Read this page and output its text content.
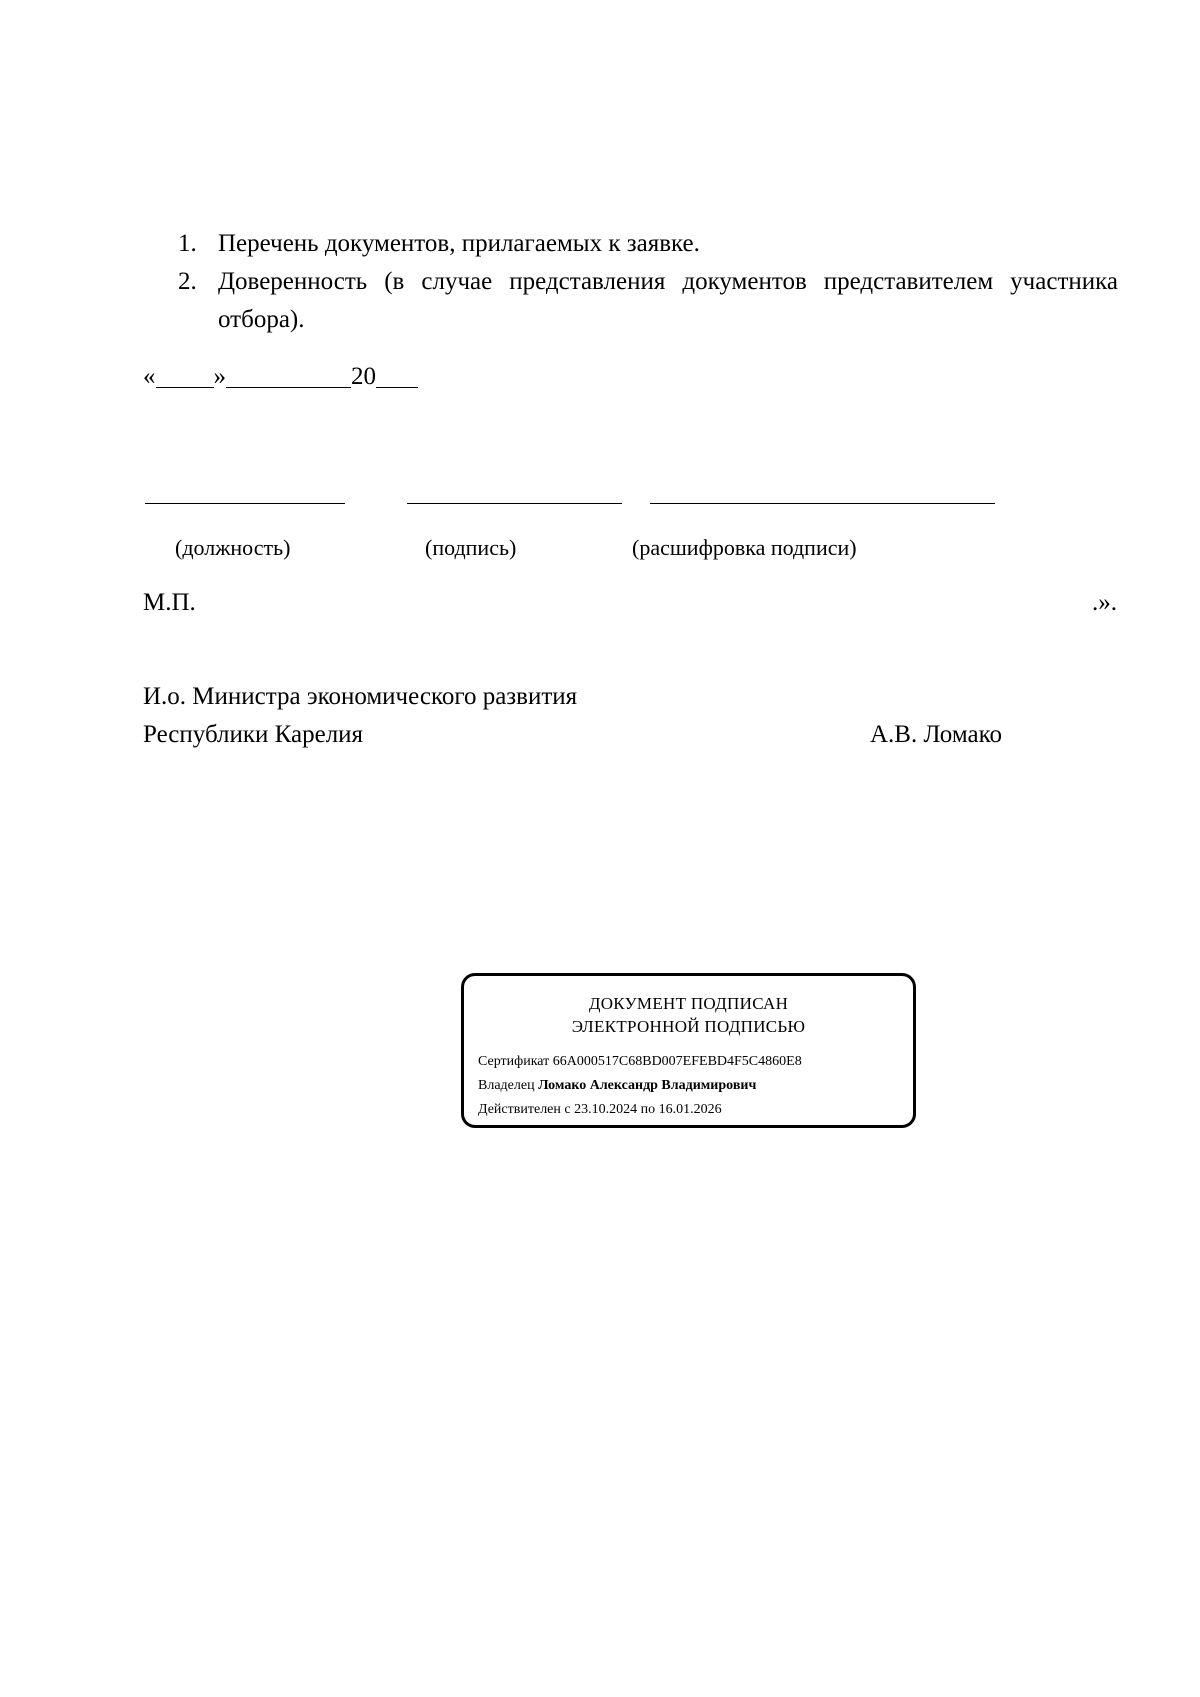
1. Перечень документов, прилагаемых к заявке.
2. Доверенность (в случае представления документов представителем участника отбора).
« »	20
(должность)	(подпись)	(расшифровка подписи)
М.П.	.».
И.о. Министра экономического развития
Республики Карелия	А.В. Ломако
ДОКУМЕНТ ПОДПИСАН
ЭЛЕКТРОННОЙ ПОДПИСЬЮ
Сертификат 66A000517C68BD007EFEBD4F5C4860E8
Владелец Ломако Александр Владимирович
Действителен с 23.10.2024 по 16.01.2026
